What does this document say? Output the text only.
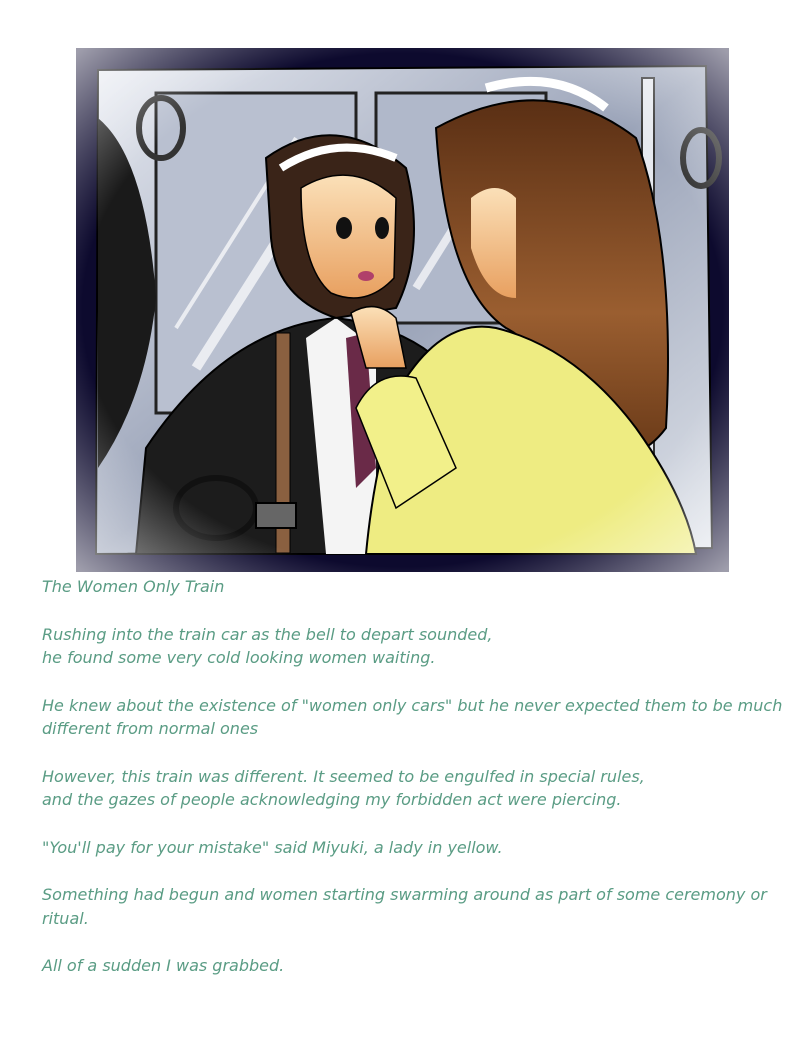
The Women Only Train

Rushing into the train car as the bell to depart sounded,
he found some very cold looking women waiting.

He knew about the existence of "women only cars" but he never expected them to be much different from normal ones

However, this train was different. It seemed to be engulfed in special rules,
and the gazes of people acknowledging my forbidden act were piercing.

"You'll pay for your mistake" said Miyuki, a lady in yellow.

Something had begun and women starting swarming around as part of some ceremony or ritual.

All of a sudden I was grabbed.
